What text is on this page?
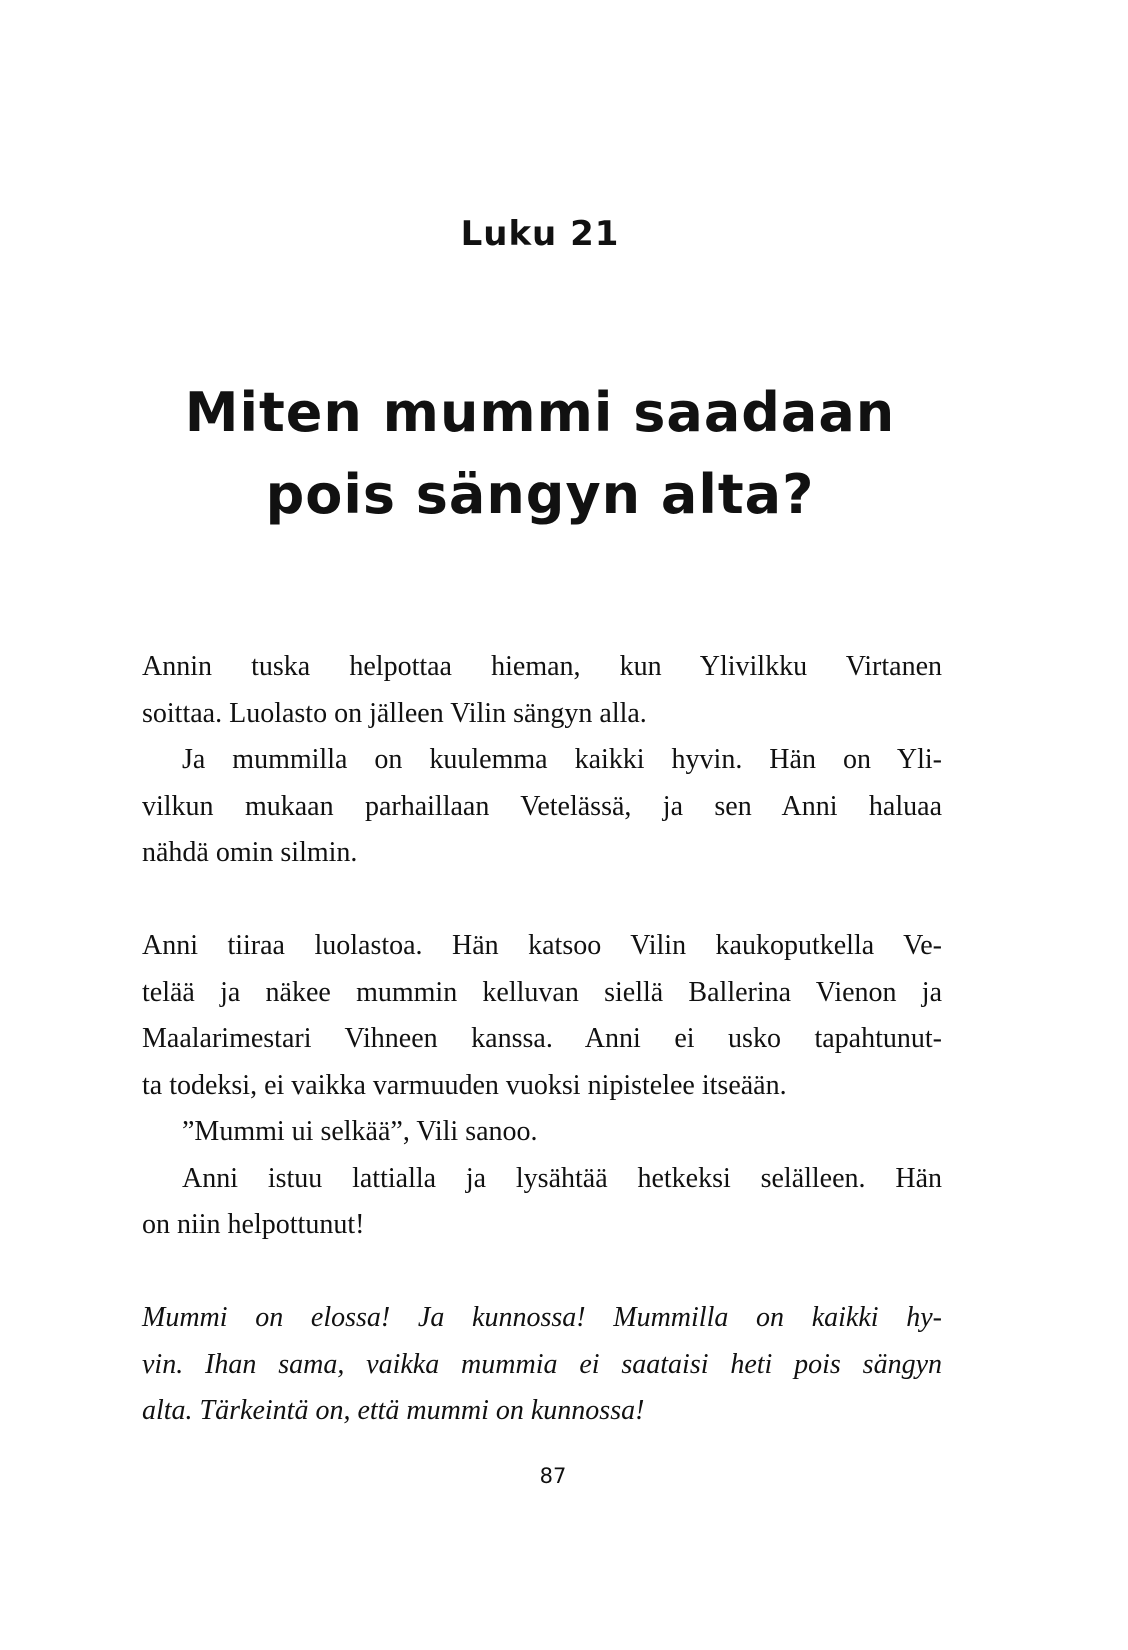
Luku 21
Miten mummi saadaan
pois sängyn alta?
Annin tuska helpottaa hieman, kun Ylivilkku Virtanen
soittaa. Luolasto on jälleen Vilin sängyn alla.
Ja mummilla on kuulemma kaikki hyvin. Hän on Yli-
vilkun mukaan parhaillaan Vetelässä, ja sen Anni haluaa
nähdä omin silmin.
Anni tiiraa luolastoa. Hän katsoo Vilin kaukoputkella Ve-
telää ja näkee mummin kelluvan siellä Ballerina Vienon ja
Maalarimestari Vihneen kanssa. Anni ei usko tapahtunut-
ta todeksi, ei vaikka varmuuden vuoksi nipistelee itseään.
”Mummi ui selkää”, Vili sanoo.
Anni istuu lattialla ja lysähtää hetkeksi selälleen. Hän
on niin helpottunut!
Mummi on elossa! Ja kunnossa! Mummilla on kaikki hy-
vin. Ihan sama, vaikka mummia ei saataisi heti pois sängyn
alta. Tärkeintä on, että mummi on kunnossa!
87
